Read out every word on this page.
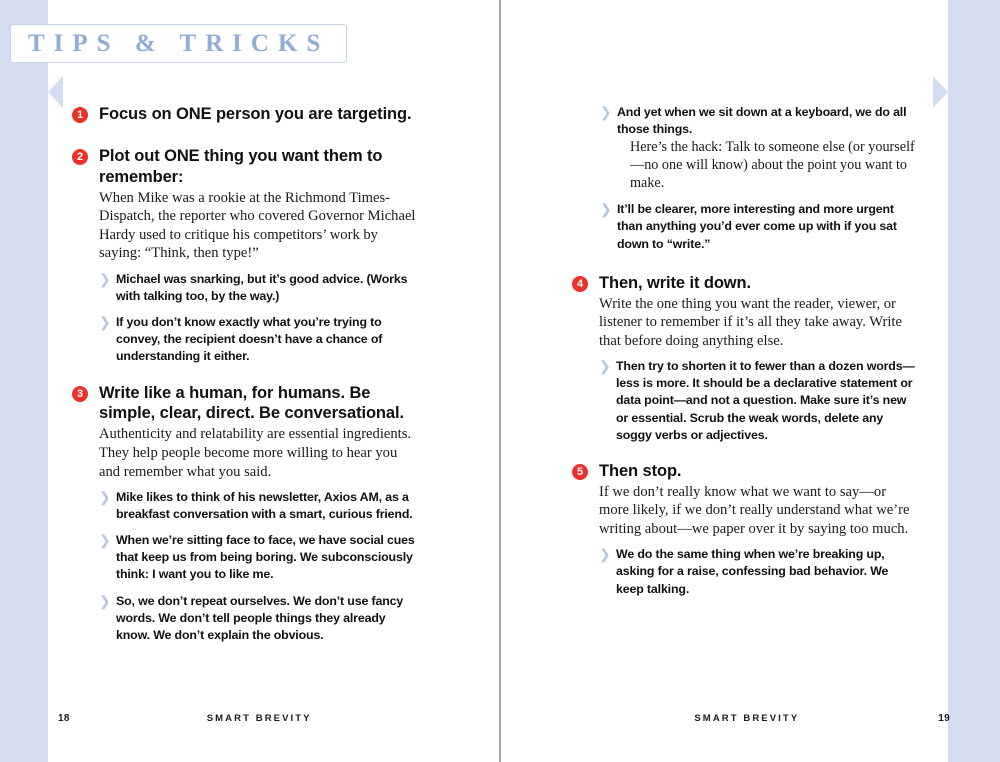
TIPS & TRICKS
1 Focus on ONE person you are targeting.

2 Plot out ONE thing you want them to remember:

When Mike was a rookie at the Richmond Times-Dispatch, the reporter who covered Governor Michael Hardy used to critique his competitors’ work by saying: “Think, then type!”

❯ Michael was snarking, but it’s good advice. (Works with talking too, by the way.)

❯ If you don’t know exactly what you’re trying to convey, the recipient doesn’t have a chance of understanding it either.

3 Write like a human, for humans. Be simple, clear, direct. Be conversational.

Authenticity and relatability are essential ingredients. They help people become more willing to hear you and remember what you said.

❯ Mike likes to think of his newsletter, Axios AM, as a breakfast conversation with a smart, curious friend.

❯ When we’re sitting face to face, we have social cues that keep us from being boring. We subconsciously think: I want you to like me.

❯ So, we don’t repeat ourselves. We don’t use fancy words. We don’t tell people things they already know. We don’t explain the obvious.

❯ And yet when we sit down at a keyboard, we do all those things.

Here’s the hack: Talk to someone else (or yourself—no one will know) about the point you want to make.

❯ It’ll be clearer, more interesting and more urgent than anything you’d ever come up with if you sat down to “write.”

4 Then, write it down.

Write the one thing you want the reader, viewer, or listener to remember if it’s all they take away. Write that before doing anything else.

❯ Then try to shorten it to fewer than a dozen words—less is more. It should be a declarative statement or data point—and not a question. Make sure it’s new or essential. Scrub the weak words, delete any soggy verbs or adjectives.

5 Then stop.

If we don’t really know what we want to say—or more likely, if we don’t really understand what we’re writing about—we paper over it by saying too much.

❯ We do the same thing when we’re breaking up, asking for a raise, confessing bad behavior. We keep talking.

18	SMART BREVITY	SMART BREVITY	19
